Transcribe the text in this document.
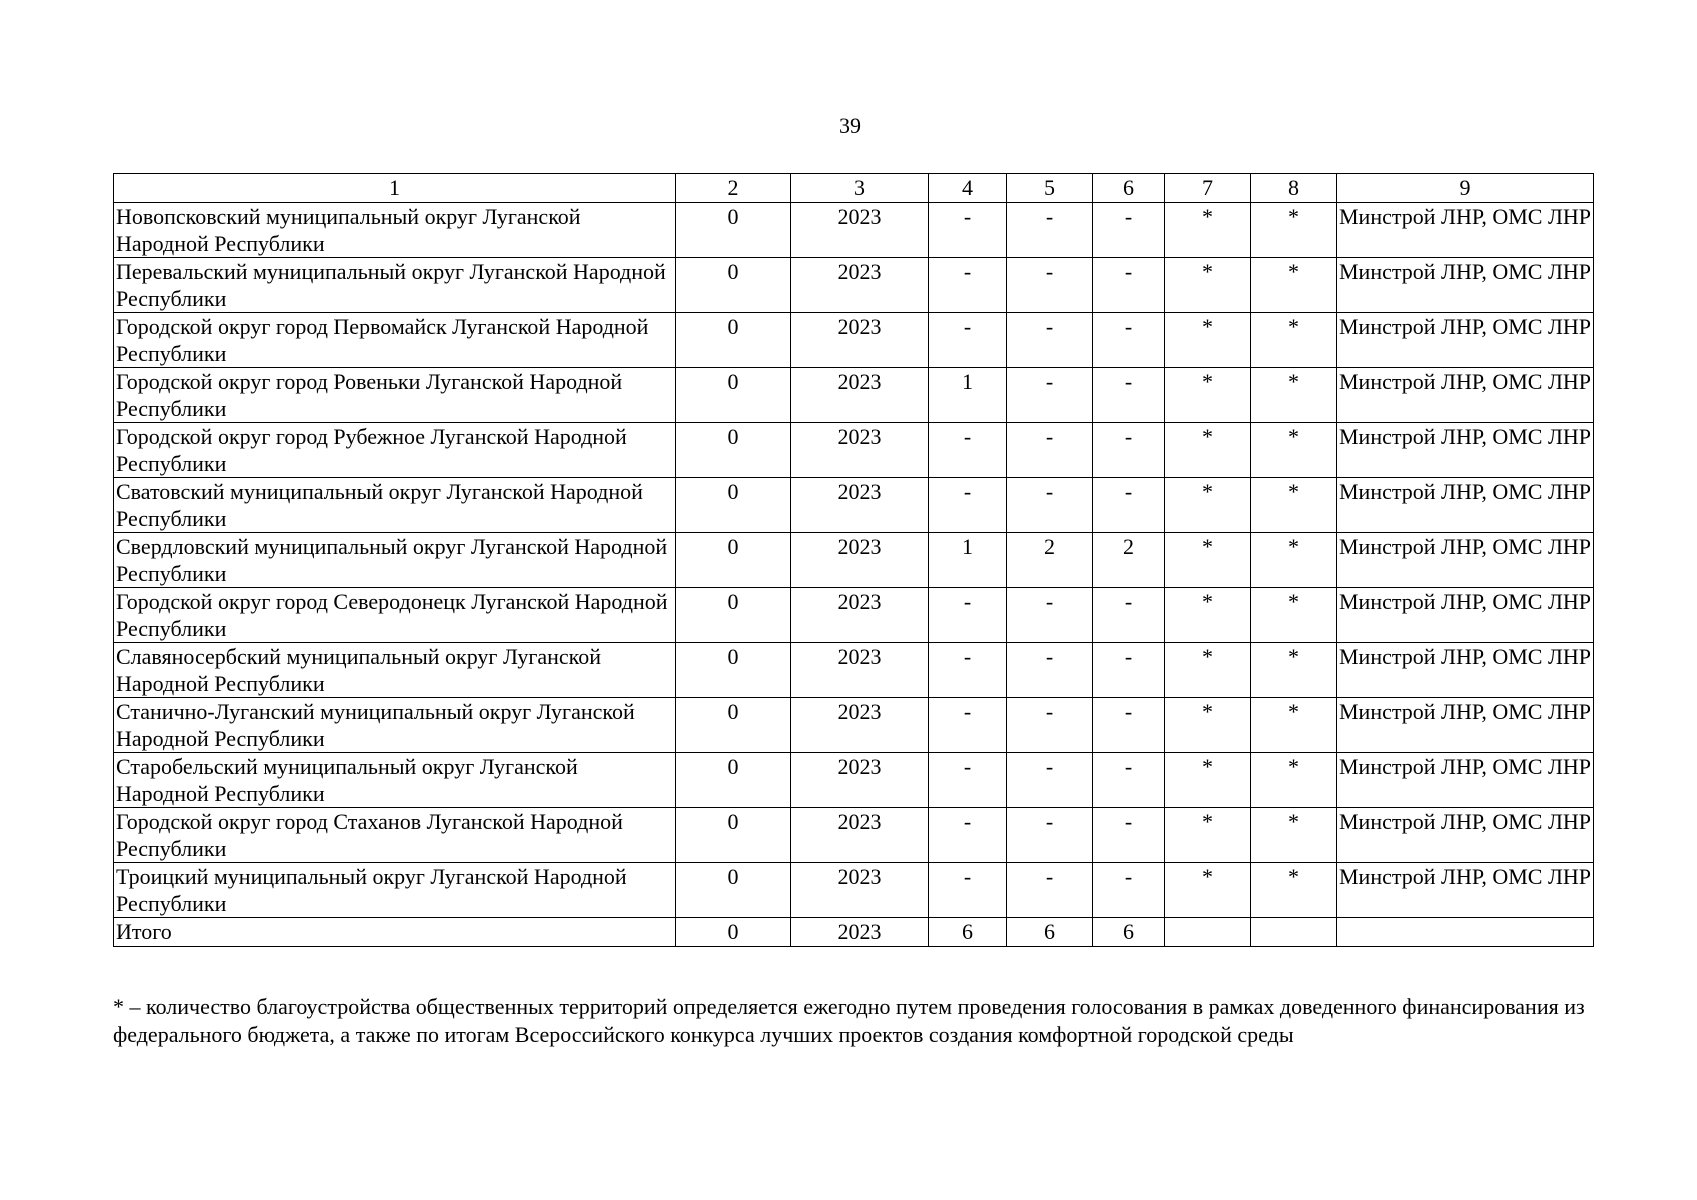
39
1	2	3	4	5	6	7	8	9
Новопсковский муниципальный округ Луганской Народной Республики	0	2023	-	-	-	*	*	Минстрой ЛНР, ОМС ЛНР
Перевальский муниципальный округ Луганской Народной Республики	0	2023	-	-	-	*	*	Минстрой ЛНР, ОМС ЛНР
Городской округ город Первомайск Луганской Народной Республики	0	2023	-	-	-	*	*	Минстрой ЛНР, ОМС ЛНР
Городской округ город Ровеньки Луганской Народной Республики	0	2023	1	-	-	*	*	Минстрой ЛНР, ОМС ЛНР
Городской округ город Рубежное Луганской Народной Республики	0	2023	-	-	-	*	*	Минстрой ЛНР, ОМС ЛНР
Сватовский муниципальный округ Луганской Народной Республики	0	2023	-	-	-	*	*	Минстрой ЛНР, ОМС ЛНР
Свердловский муниципальный округ Луганской Народной Республики	0	2023	1	2	2	*	*	Минстрой ЛНР, ОМС ЛНР
Городской округ город Северодонецк Луганской Народной Республики	0	2023	-	-	-	*	*	Минстрой ЛНР, ОМС ЛНР
Славяносербский муниципальный округ Луганской Народной Республики	0	2023	-	-	-	*	*	Минстрой ЛНР, ОМС ЛНР
Станично-Луганский муниципальный округ Луганской Народной Республики	0	2023	-	-	-	*	*	Минстрой ЛНР, ОМС ЛНР
Старобельский муниципальный округ Луганской Народной Республики	0	2023	-	-	-	*	*	Минстрой ЛНР, ОМС ЛНР
Городской округ город Стаханов Луганской Народной Республики	0	2023	-	-	-	*	*	Минстрой ЛНР, ОМС ЛНР
Троицкий муниципальный округ Луганской Народной Республики	0	2023	-	-	-	*	*	Минстрой ЛНР, ОМС ЛНР
Итого	0	2023	6	6	6			
* – количество благоустройства общественных территорий определяется ежегодно путем проведения голосования в рамках доведенного финансирования из федерального бюджета, а также по итогам Всероссийского конкурса лучших проектов создания комфортной городской среды
